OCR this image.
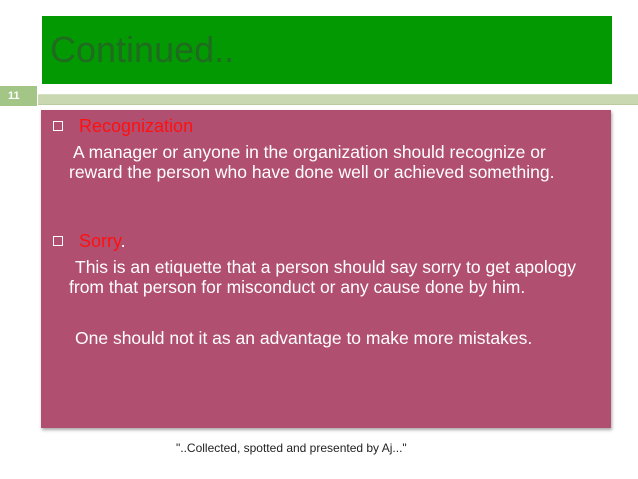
Continued..
11
Recognization
A manager or anyone in the organization should recognize or reward the person who have done well or achieved something.
Sorry.
This is an etiquette that a person should say sorry to get apology from that person for misconduct or any cause done by him.
One should not it as an advantage to make more mistakes.
"..Collected, spotted and presented by Aj..."
